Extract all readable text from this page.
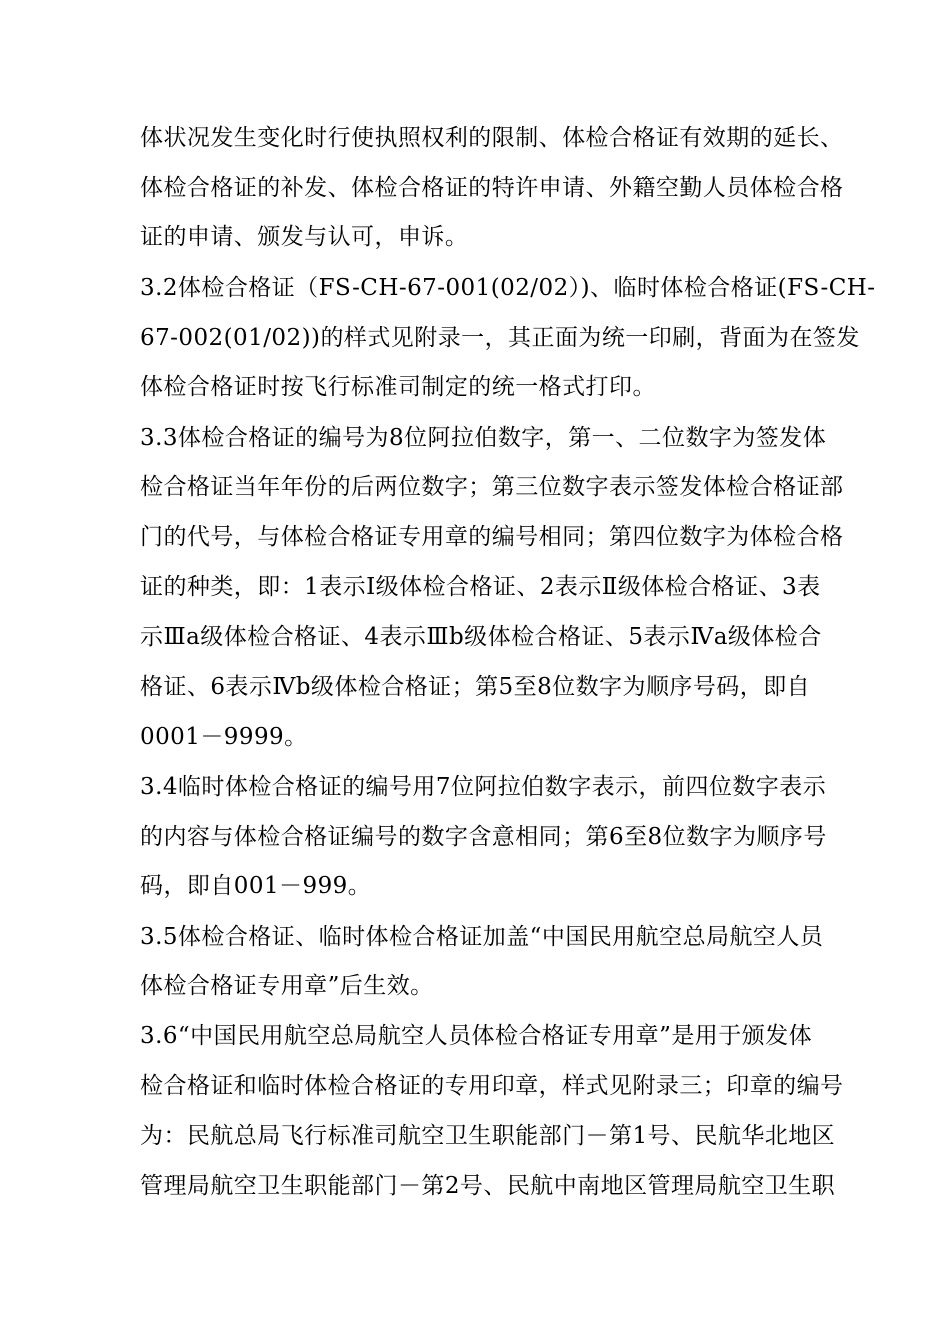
体状况发生变化时行使执照权利的限制、体检合格证有效期的延长、
体检合格证的补发、体检合格证的特许申请、外籍空勤人员体检合格
证的申请、颁发与认可，申诉。
3.2体检合格证（FS-CH-67-001(02/02）)、临时体检合格证(FS-CH-
67-002(01/02))的样式见附录一，其正面为统一印刷，背面为在签发
体检合格证时按飞行标准司制定的统一格式打印。
3.3体检合格证的编号为8位阿拉伯数字，第一、二位数字为签发体
检合格证当年年份的后两位数字；第三位数字表示签发体检合格证部
门的代号，与体检合格证专用章的编号相同；第四位数字为体检合格
证的种类，即：1表示Ⅰ级体检合格证、2表示Ⅱ级体检合格证、3表
示Ⅲa级体检合格证、4表示Ⅲb级体检合格证、5表示Ⅳa级体检合
格证、6表示Ⅳb级体检合格证；第5至8位数字为顺序号码，即自
0001－9999。
3.4临时体检合格证的编号用7位阿拉伯数字表示，前四位数字表示
的内容与体检合格证编号的数字含意相同；第6至8位数字为顺序号
码，即自001－999。
3.5体检合格证、临时体检合格证加盖“中国民用航空总局航空人员
体检合格证专用章”后生效。
3.6“中国民用航空总局航空人员体检合格证专用章”是用于颁发体
检合格证和临时体检合格证的专用印章，样式见附录三；印章的编号
为：民航总局飞行标准司航空卫生职能部门－第1号、民航华北地区
管理局航空卫生职能部门－第2号、民航中南地区管理局航空卫生职
